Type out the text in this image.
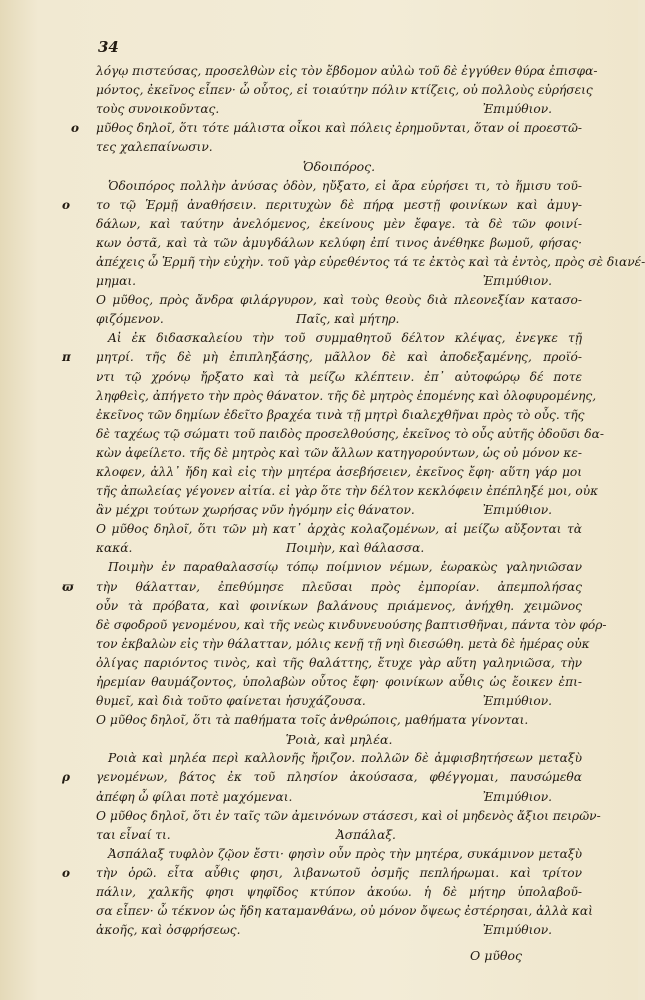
34
λόγῳ πιστεύσας, προσελθὼν εἰς τὸν ἔβδομον αὐλὼ τοῦ δὲ ἐγγύθεν θύρα ἐπισφα-
μόντος, ἐκεῖνος εἶπεν· ὦ οὗτος, εἰ τοιαύτην πόλιν κτίζεις, οὐ πολλοὺς εὑρήσεις
τοὺς συνοικοῦντας.	Ἐπιμύθιον.
ο	μῦθος δηλοῖ, ὅτι τότε μάλιστα οἶκοι καὶ πόλεις ἐρημοῦνται, ὅταν οἱ προεστῶ-
τες χαλεπαίνωσιν.
Ὁδοιπόρος.
Ὁδοιπόρος πολλὴν ἀνύσας ὁδὸν, ηὔξατο, εἰ ἄρα εὑρήσει τι, τὸ ἥμισυ τοῦ-
ο	το τῷ Ἑρμῇ ἀναθήσειν. περιτυχὼν δὲ πήρᾳ μεστῇ φοινίκων καὶ ἀμυγ-
δάλων, καὶ ταύτην ἀνελόμενος, ἐκείνους μὲν ἔφαγε. τὰ δὲ τῶν φοινί-
κων ὀστᾶ, καὶ τὰ τῶν ἀμυγδάλων κελύφη ἐπί τινος ἀνέθηκε βωμοῦ, φήσας·
ἀπέχεις ὦ Ἑρμῆ τὴν εὐχὴν. τοῦ γὰρ εὑρεθέντος τά τε ἐκτὸς καὶ τὰ ἐντὸς, πρὸς σὲ διανέ-
μημαι.	Ἐπιμύθιον.
Ο μῦθος, πρὸς ἄνδρα φιλάργυρον, καὶ τοὺς θεοὺς διὰ πλεονεξίαν κατασο-
φιζόμενον.	Παῖς, καὶ μήτηρ.
Αἰ ἐκ διδασκαλείου τὴν τοῦ συμμαθητοῦ δέλτον κλέψας, ἐνεγκε τῇ
π	μητρί. τῆς δὲ μὴ ἐπιπληξάσης, μᾶλλον δὲ καὶ ἀποδεξαμένης, προϊό-
ντι τῷ χρόνῳ ἤρξατο καὶ τὰ μείζω κλέπτειν. ἐπ᾽ αὐτοφώρῳ δέ ποτε
ληφθεὶς, ἀπήγετο τὴν πρὸς θάνατον. τῆς δὲ μητρὸς ἑπομένης καὶ ὀλοφυρομένης,
ἐκεῖνος τῶν δημίων ἐδεῖτο βραχέα τινὰ τῇ μητρὶ διαλεχθῆναι πρὸς τὸ οὖς. τῆς
δὲ ταχέως τῷ σώματι τοῦ παιδὸς προσελθούσης, ἐκεῖνος τὸ οὖς αὐτῆς ὀδοῦσι δα-
κὼν ἀφείλετο. τῆς δὲ μητρὸς καὶ τῶν ἄλλων κατηγορούντων, ὡς οὐ μόνον κε-
κλοφεν, ἀλλ᾽ ἤδη καὶ εἰς τὴν μητέρα ἀσεβήσειεν, ἐκεῖνος ἔφη· αὕτη γάρ μοι
τῆς ἀπωλείας γέγονεν αἰτία. εἰ γὰρ ὅτε τὴν δέλτον κεκλόφειν ἐπέπληξέ μοι, οὐκ
ἂν μέχρι τούτων χωρήσας νῦν ἠγόμην εἰς θάνατον.	Ἐπιμύθιον.
Ο μῦθος δηλοῖ, ὅτι τῶν μὴ κατ᾽ ἀρχὰς κολαζομένων, αἱ μείζω αὔξονται τὰ
κακά.	Ποιμὴν, καὶ θάλασσα.
Ποιμὴν ἐν παραθαλασσίῳ τόπῳ ποίμνιον νέμων, ἑωρακὼς γαληνιῶσαν
ϖ	τὴν θάλατταν, ἐπεθύμησε πλεῦσαι πρὸς ἐμπορίαν. ἀπεμπολήσας
οὖν τὰ πρόβατα, καὶ φοινίκων βαλάνους πριάμενος, ἀνήχθη. χειμῶνος
δὲ σφοδροῦ γενομένου, καὶ τῆς νεὼς κινδυνευούσης βαπτισθῆναι, πάντα τὸν φόρ-
τον ἐκβαλὼν εἰς τὴν θάλατταν, μόλις κενῇ τῇ νηὶ διεσώθη. μετὰ δὲ ἡμέρας οὐκ
ὀλίγας παριόντος τινὸς, καὶ τῆς θαλάττης, ἔτυχε γὰρ αὕτη γαληνιῶσα, τὴν
ἠρεμίαν θαυμάζοντος, ὑπολαβὼν οὗτος ἔφη· φοινίκων αὖθις ὡς ἔοικεν ἐπι-
θυμεῖ, καὶ διὰ τοῦτο φαίνεται ἡσυχάζουσα.	Ἐπιμύθιον.
Ο μῦθος δηλοῖ, ὅτι τὰ παθήματα τοῖς ἀνθρώποις, μαθήματα γίνονται.
Ῥοιὰ, καὶ μηλέα.
Ροιὰ καὶ μηλέα περὶ καλλονῆς ἤριζον. πολλῶν δὲ ἀμφισβητήσεων μεταξὺ
ρ	γενομένων, βάτος ἐκ τοῦ πλησίον ἀκούσασα, φθέγγομαι, παυσώμεθα
ἀπέφη ὦ φίλαι ποτὲ μαχόμεναι.	Ἐπιμύθιον.
Ο μῦθος δηλοῖ, ὅτι ἐν ταῖς τῶν ἀμεινόνων στάσεσι, καὶ οἱ μηδενὸς ἄξιοι πειρῶν-
ται εἶναί τι.	Ἀσπάλαξ.
Ἀσπάλαξ τυφλὸν ζῷον ἔστι· φησὶν οὖν πρὸς τὴν μητέρα, συκάμινον μεταξὺ
ο	τὴν ὁρῶ. εἶτα αὖθις φησι, λιβανωτοῦ ὀσμῆς πεπλήρωμαι. καὶ τρίτον
πάλιν, χαλκῆς φησι ψηφῖδος κτύπον ἀκούω. ἡ δὲ μήτηρ ὑπολαβοῦ-
σα εἶπεν· ὦ τέκνον ὡς ἤδη καταμανθάνω, οὐ μόνον ὄψεως ἐστέρησαι, ἀλλὰ καὶ
ἀκοῆς, καὶ ὀσφρήσεως.	Ἐπιμύθιον.
Ο μῦθος
